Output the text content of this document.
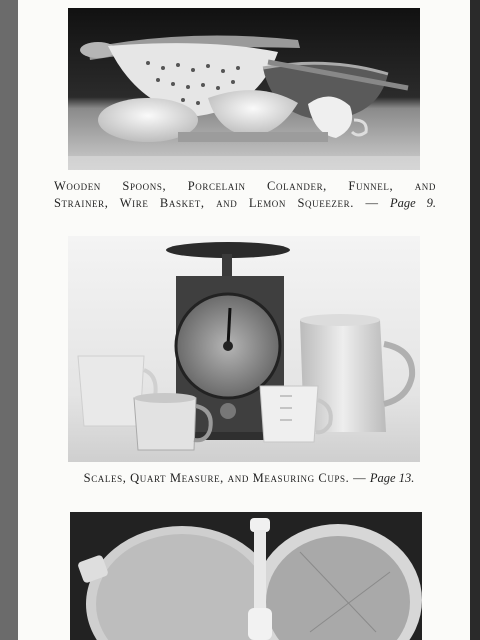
Wooden Spoons, Porcelain Colander, Funnel, and
Strainer, Wire Basket, and Lemon Squeezer. — Page 9.
Scales, Quart Measure, and Measuring Cups. — Page 13.
